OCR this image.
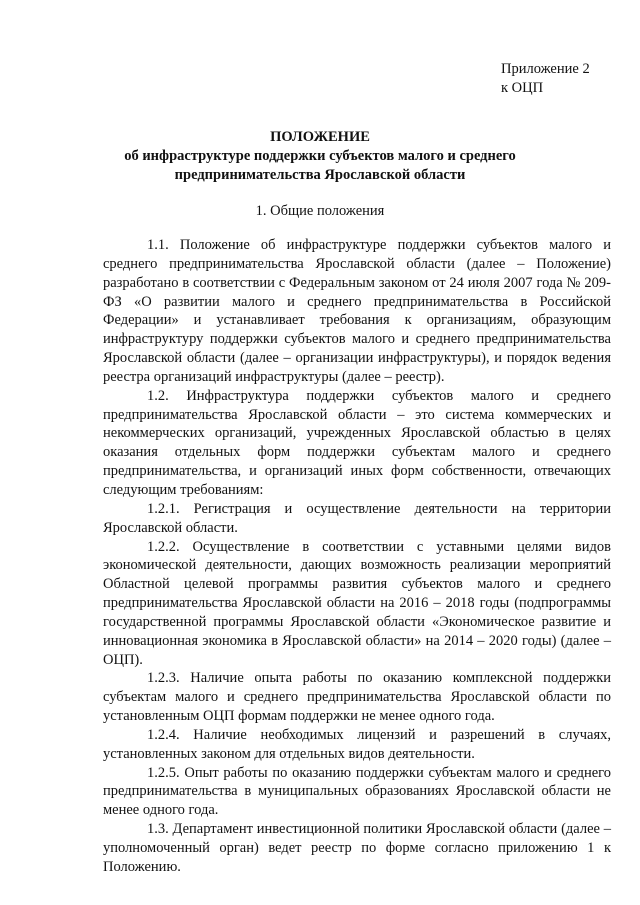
Приложение 2
к ОЦП
ПОЛОЖЕНИЕ
об инфраструктуре поддержки субъектов малого и среднего
предпринимательства Ярославской области
1. Общие положения

1.1. Положение об инфраструктуре поддержки субъектов малого и среднего предпринимательства Ярославской области (далее – Положение) разработано в соответствии с Федеральным законом от 24 июля 2007 года № 209-ФЗ «О развитии малого и среднего предпринимательства в Российской Федерации» и устанавливает требования к организациям, образующим инфраструктуру поддержки субъектов малого и среднего предпринимательства Ярославской области (далее – организации инфраструктуры), и порядок ведения реестра организаций инфраструктуры (далее – реестр).

1.2. Инфраструктура поддержки субъектов малого и среднего предпринимательства Ярославской области – это система коммерческих и некоммерческих организаций, учрежденных Ярославской областью в целях оказания отдельных форм поддержки субъектам малого и среднего предпринимательства, и организаций иных форм собственности, отвечающих следующим требованиям:

1.2.1. Регистрация и осуществление деятельности на территории Ярославской области.

1.2.2. Осуществление в соответствии с уставными целями видов экономической деятельности, дающих возможность реализации мероприятий Областной целевой программы развития субъектов малого и среднего предпринимательства Ярославской области на 2016 – 2018 годы (подпрограммы государственной программы Ярославской области «Экономическое развитие и инновационная экономика в Ярославской области» на 2014 – 2020 годы) (далее – ОЦП).

1.2.3. Наличие опыта работы по оказанию комплексной поддержки субъектам малого и среднего предпринимательства Ярославской области по установленным ОЦП формам поддержки не менее одного года.

1.2.4. Наличие необходимых лицензий и разрешений в случаях, установленных законом для отдельных видов деятельности.

1.2.5. Опыт работы по оказанию поддержки субъектам малого и среднего предпринимательства в муниципальных образованиях Ярославской области не менее одного года.

1.3. Департамент инвестиционной политики Ярославской области (далее – уполномоченный орган) ведет реестр по форме согласно приложению 1 к Положению.
